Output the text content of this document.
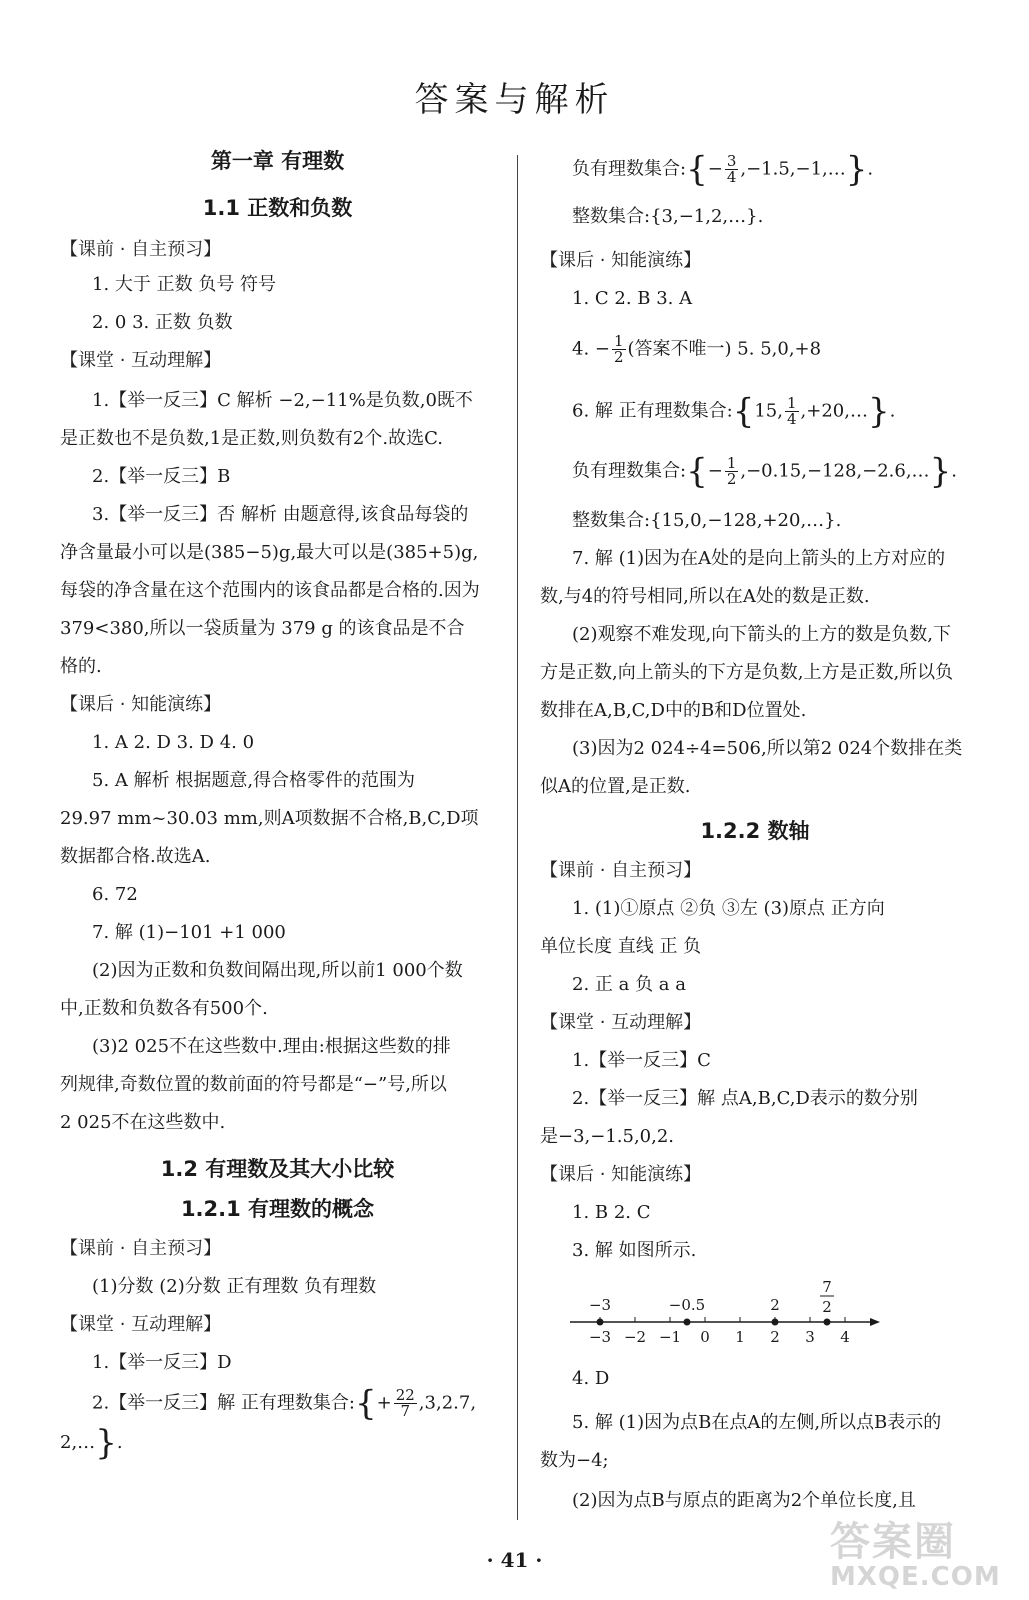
答案与解析
第一章 有理数
1.1 正数和负数
【课前 · 自主预习】
1. 大于 正数 负号 符号
2. 0 3. 正数 负数
【课堂 · 互动理解】
1.【举一反三】C 解析 −2,−11%是负数,0既不
是正数也不是负数,1是正数,则负数有2个.故选C.
2.【举一反三】B
3.【举一反三】否 解析 由题意得,该食品每袋的
净含量最小可以是(385−5)g,最大可以是(385+5)g,
每袋的净含量在这个范围内的该食品都是合格的.因为
379<380,所以一袋质量为 379 g 的该食品是不合
格的.
【课后 · 知能演练】
1. A 2. D 3. D 4. 0
5. A 解析 根据题意,得合格零件的范围为
29.97 mm~30.03 mm,则A项数据不合格,B,C,D项
数据都合格.故选A.
6. 72
7. 解 (1)−101 +1 000
(2)因为正数和负数间隔出现,所以前1 000个数
中,正数和负数各有500个.
(3)2 025不在这些数中.理由:根据这些数的排
列规律,奇数位置的数前面的符号都是“−”号,所以
2 025不在这些数中.
1.2 有理数及其大小比较
1.2.1 有理数的概念
【课前 · 自主预习】
(1)分数 (2)分数 正有理数 负有理数
【课堂 · 互动理解】
1.【举一反三】D
2.【举一反三】解 正有理数集合:{+ $\frac{22}{7} ,3,2.7$,
2,…}.
负有理数集合:{− $\frac{3}{4}$ ,−1.5,−1,…}.
整数集合:{3,−1,2,…}.
【课后 · 知能演练】
1. C 2. B 3. A
4. − $\frac{1}{2}$ (答案不唯一) 5. 5,0,+8
6. 解 正有理数集合:{15, $\frac{1}{4}$ ,+20,…}.
负有理数集合:{− $\frac{1}{2}$ ,−0.15,−128,−2.6,…}.
整数集合:{15,0,−128,+20,…}.
7. 解 (1)因为在A处的是向上箭头的上方对应的
数,与4的符号相同,所以在A处的数是正数.
(2)观察不难发现,向下箭头的上方的数是负数,下
方是正数,向上箭头的下方是负数,上方是正数,所以负
数排在A,B,C,D中的B和D位置处.
(3)因为2 024÷4=506,所以第2 024个数排在类
似A的位置,是正数.
1.2.2 数轴
【课前 · 自主预习】
1. (1)①原点 ②负 ③左 (3)原点 正方向
单位长度 直线 正 负
2. 正 a 负 a a
【课堂 · 互动理解】
1.【举一反三】C
2.【举一反三】解 点A,B,C,D表示的数分别
是−3,−1.5,0,2.
【课后 · 知能演练】
1. B 2. C
3. 解 如图所示.
−3 −2 −1 0 1 2 3 4
−3	−0.5	2
7
2
4. D
5. 解 (1)因为点B在点A的左侧,所以点B表示的
数为−4;
(2)因为点B与原点的距离为2个单位长度,且
· 41 ·	答案圈
MXQE.COM
